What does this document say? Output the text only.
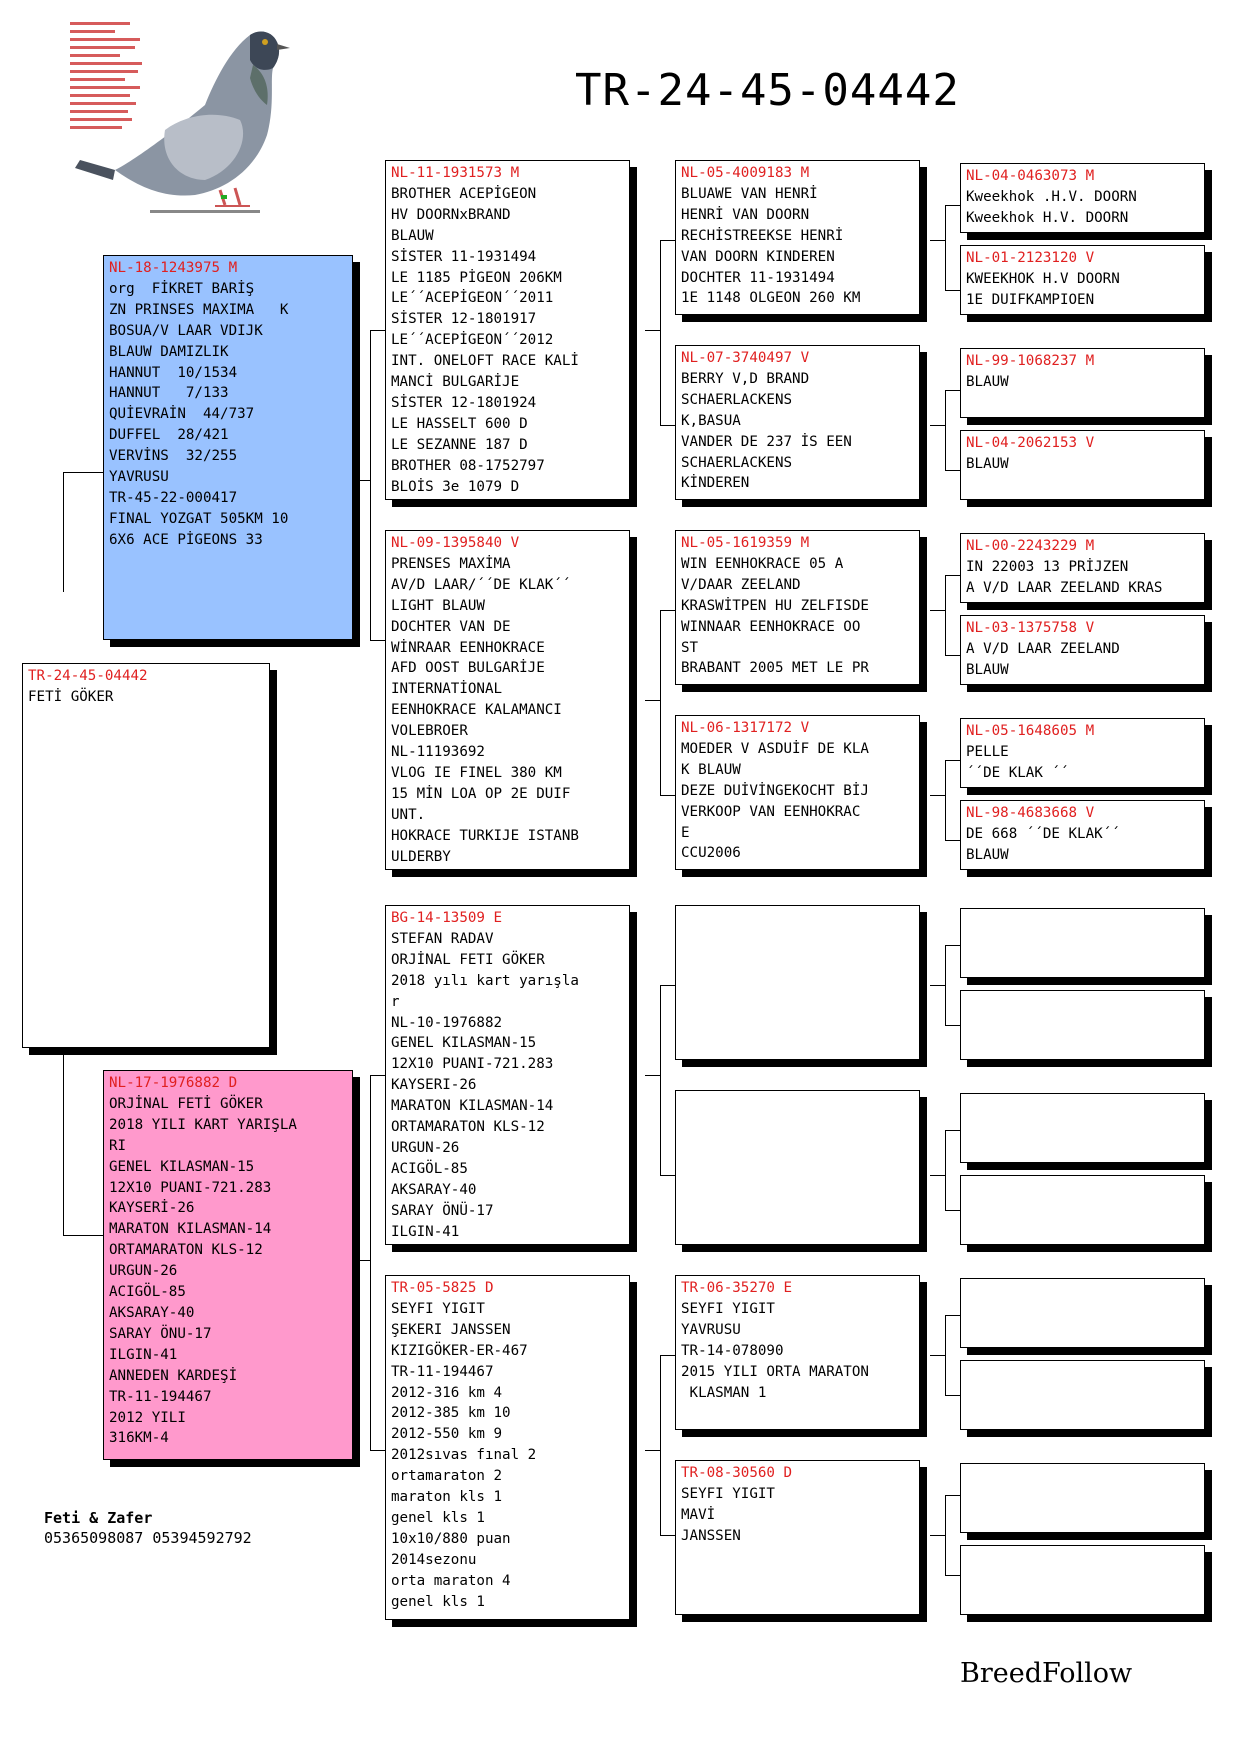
TR-24-45-04442
TR-24-45-04442
FETİ GÖKER
NL-18-1243975 M
org  FİKRET BARİŞ
ZN PRINSES MAXIMA   K
BOSUA/V LAAR VDIJK
BLAUW DAMIZLIK
HANNUT  10/1534
HANNUT   7/133
QUİEVRAİN  44/737
DUFFEL  28/421
VERVİNS  32/255
YAVRUSU
TR-45-22-000417
FINAL YOZGAT 505KM 10
6X6 ACE PİGEONS 33
NL-17-1976882 D
ORJİNAL FETİ GÖKER
2018 YILI KART YARIŞLA
RI
GENEL KILASMAN-15
12X10 PUANI-721.283
KAYSERİ-26
MARATON KILASMAN-14
ORTAMARATON KLS-12
URGUN-26
ACIGÖL-85
AKSARAY-40
SARAY ÖNU-17
ILGIN-41
ANNEDEN KARDEŞİ
TR-11-194467
2012 YILI
316KM-4
NL-11-1931573 M
BROTHER ACEPİGEON
HV DOORNxBRAND
BLAUW
SİSTER 11-1931494
LE 1185 PİGEON 206KM
LE´´ACEPİGEON´´2011
SİSTER 12-1801917
LE´´ACEPİGEON´´2012
INT. ONELOFT RACE KALİ
MANCİ BULGARİJE
SİSTER 12-1801924
LE HASSELT 600 D
LE SEZANNE 187 D
BROTHER 08-1752797
BLOİS 3e 1079 D
NL-09-1395840 V
PRENSES MAXİMA
AV/D LAAR/´´DE KLAK´´
LIGHT BLAUW
DOCHTER VAN DE
WİNRAAR EENHOKRACE
AFD OOST BULGARİJE
INTERNATİONAL
EENHOKRACE KALAMANCI
VOLEBROER
NL-11193692
VLOG IE FINEL 380 KM
15 MİN LOA OP 2E DUIF
UNT.
HOKRACE TURKIJE ISTANB
ULDERBY
BG-14-13509 E
STEFAN RADAV
ORJİNAL FETI GÖKER
2018 yılı kart yarışla
r
NL-10-1976882
GENEL KILASMAN-15
12X10 PUANI-721.283
KAYSERI-26
MARATON KILASMAN-14
ORTAMARATON KLS-12
URGUN-26
ACIGÖL-85
AKSARAY-40
SARAY ÖNÜ-17
ILGIN-41
TR-05-5825 D
SEYFI YIGIT
ŞEKERI JANSSEN
KIZIGÖKER-ER-467
TR-11-194467
2012-316 km 4
2012-385 km 10
2012-550 km 9
2012sıvas fınal 2
ortamaraton 2
maraton kls 1
genel kls 1
10x10/880 puan
2014sezonu
orta maraton 4
genel kls 1
NL-05-4009183 M
BLUAWE VAN HENRİ
HENRİ VAN DOORN
RECHİSTREEKSE HENRİ
VAN DOORN KINDEREN
DOCHTER 11-1931494
1E 1148 OLGEON 260 KM
NL-07-3740497 V
BERRY V,D BRAND
SCHAERLACKENS
K,BASUA
VANDER DE 237 İS EEN
SCHAERLACKENS
KİNDEREN
NL-05-1619359 M
WIN EENHOKRACE 05 A
V/DAAR ZEELAND
KRASWİTPEN HU ZELFISDE
WINNAAR EENHOKRACE OO
ST
BRABANT 2005 MET LE PR
NL-06-1317172 V
MOEDER V ASDUİF DE KLA
K BLAUW
DEZE DUİVİNGEKOCHT BİJ
VERKOOP VAN EENHOKRAC
E
CCU2006
TR-06-35270 E
SEYFI YIGIT
YAVRUSU
TR-14-078090
2015 YILI ORTA MARATON
KLASMAN 1
TR-08-30560 D
SEYFI YIGIT
MAVİ
JANSSEN
NL-04-0463073 M
Kweekhok .H.V. DOORN
Kweekhok H.V. DOORN
NL-01-2123120 V
KWEEKHOK H.V DOORN
1E DUIFKAMPIOEN
NL-99-1068237 M
BLAUW
NL-04-2062153 V
BLAUW
NL-00-2243229 M
IN 22003 13 PRİJZEN
A V/D LAAR ZEELAND KRAS
NL-03-1375758 V
A V/D LAAR ZEELAND
BLAUW
NL-05-1648605 M
PELLE
´´DE KLAK ´´
NL-98-4683668 V
DE 668 ´´DE KLAK´´
BLAUW
Feti & Zafer
05365098087 05394592792
BreedFollow
